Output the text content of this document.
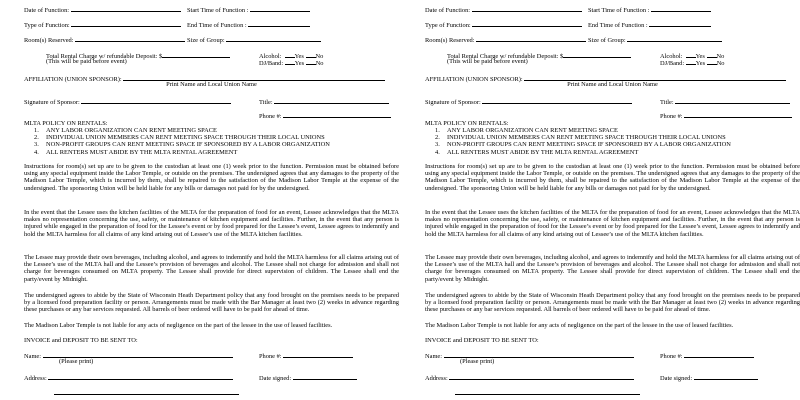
Date of Function:	Start Time of Function :
Type of Function:	End Time of Function :
Room(s) Reserved:	Size of Group:
Total Rental Charge w/ refundable Deposit: $	Alcohol: Yes No
(This will be paid before event)	DJ/Band: Yes No
AFFILIATION (UNION SPONSOR):
Print Name and Local Union Name
Signature of Sponsor:	Title:
Phone #:
MLTA POLICY ON RENTALS:
1. ANY LABOR ORGANIZATION CAN RENT MEETING SPACE
2. INDIVIDUAL UNION MEMBERS CAN RENT MEETING SPACE THROUGH THEIR LOCAL UNIONS
3. NON-PROFIT GROUPS CAN RENT MEETING SPACE IF SPONSORED BY A LABOR ORGANIZATION
4. ALL RENTERS MUST ABIDE BY THE MLTA RENTAL AGREEMENT
Instructions for room(s) set up are to be given to the custodian at least one (1) week prior to the function. Permission must be obtained before using any special equipment inside the Labor Temple, or outside on the premises. The undersigned agrees that any damages to the property of the Madison Labor Temple, which is incurred by them, shall be repaired to the satisfaction of the Madison Labor Temple at the expense of the undersigned. The sponsoring Union will be held liable for any bills or damages not paid for by the undersigned.
In the event that the Lessee uses the kitchen facilities of the MLTA for the preparation of food for an event, Lessee acknowledges that the MLTA makes no representation concerning the use, safety, or maintenance of kitchen equipment and facilities. Further, in the event that any person is injured while engaged in the preparation of food for the Lessee’s event or by food prepared for the Lessee’s event, Lessee agrees to indemnify and hold the MLTA harmless for all claims of any kind arising out of Lessee’s use of the MLTA kitchen facilities.
The Lessee may provide their own beverages, including alcohol, and agrees to indemnify and hold the MLTA harmless for all claims arising out of the Lessee’s use of the MLTA hall and the Lessee’s provision of beverages and alcohol. The Lessee shall not charge for admission and shall not charge for beverages consumed on MLTA property. The Lessee shall provide for direct supervision of children. The Lessee shall end the party/event by Midnight.
The undersigned agrees to abide by the State of Wisconsin Heath Department policy that any food brought on the premises needs to be prepared by a licensed food preparation facility or person. Arrangements must be made with the Bar Manager at least two (2) weeks in advance regarding these purchases or any bar services requested. All barrels of beer ordered will have to be paid for ahead of time.
The Madison Labor Temple is not liable for any acts of negligence on the part of the lessee in the use of leased facilities.
INVOICE and DEPOSIT TO BE SENT TO:
Name:	Phone #:
(Please print)
Address:	Date signed:
Date of Function:	Start Time of Function :
Type of Function:	End Time of Function :
Room(s) Reserved:	Size of Group:
Total Rental Charge w/ refundable Deposit: $	Alcohol: Yes No
(This will be paid before event)	DJ/Band: Yes No
AFFILIATION (UNION SPONSOR):
Print Name and Local Union Name
Signature of Sponsor:	Title:
Phone #:
MLTA POLICY ON RENTALS:
1. ANY LABOR ORGANIZATION CAN RENT MEETING SPACE
2. INDIVIDUAL UNION MEMBERS CAN RENT MEETING SPACE THROUGH THEIR LOCAL UNIONS
3. NON-PROFIT GROUPS CAN RENT MEETING SPACE IF SPONSORED BY A LABOR ORGANIZATION
4. ALL RENTERS MUST ABIDE BY THE MLTA RENTAL AGREEMENT
Instructions for room(s) set up are to be given to the custodian at least one (1) week prior to the function. Permission must be obtained before using any special equipment inside the Labor Temple, or outside on the premises. The undersigned agrees that any damages to the property of the Madison Labor Temple, which is incurred by them, shall be repaired to the satisfaction of the Madison Labor Temple at the expense of the undersigned. The sponsoring Union will be held liable for any bills or damages not paid for by the undersigned.
In the event that the Lessee uses the kitchen facilities of the MLTA for the preparation of food for an event, Lessee acknowledges that the MLTA makes no representation concerning the use, safety, or maintenance of kitchen equipment and facilities. Further, in the event that any person is injured while engaged in the preparation of food for the Lessee’s event or by food prepared for the Lessee’s event, Lessee agrees to indemnify and hold the MLTA harmless for all claims of any kind arising out of Lessee’s use of the MLTA kitchen facilities.
The Lessee may provide their own beverages, including alcohol, and agrees to indemnify and hold the MLTA harmless for all claims arising out of the Lessee’s use of the MLTA hall and the Lessee’s provision of beverages and alcohol. The Lessee shall not charge for admission and shall not charge for beverages consumed on MLTA property. The Lessee shall provide for direct supervision of children. The Lessee shall end the party/event by Midnight.
The undersigned agrees to abide by the State of Wisconsin Heath Department policy that any food brought on the premises needs to be prepared by a licensed food preparation facility or person. Arrangements must be made with the Bar Manager at least two (2) weeks in advance regarding these purchases or any bar services requested. All barrels of beer ordered will have to be paid for ahead of time.
The Madison Labor Temple is not liable for any acts of negligence on the part of the lessee in the use of leased facilities.
INVOICE and DEPOSIT TO BE SENT TO:
Name:	Phone #:
(Please print)
Address:	Date signed:
